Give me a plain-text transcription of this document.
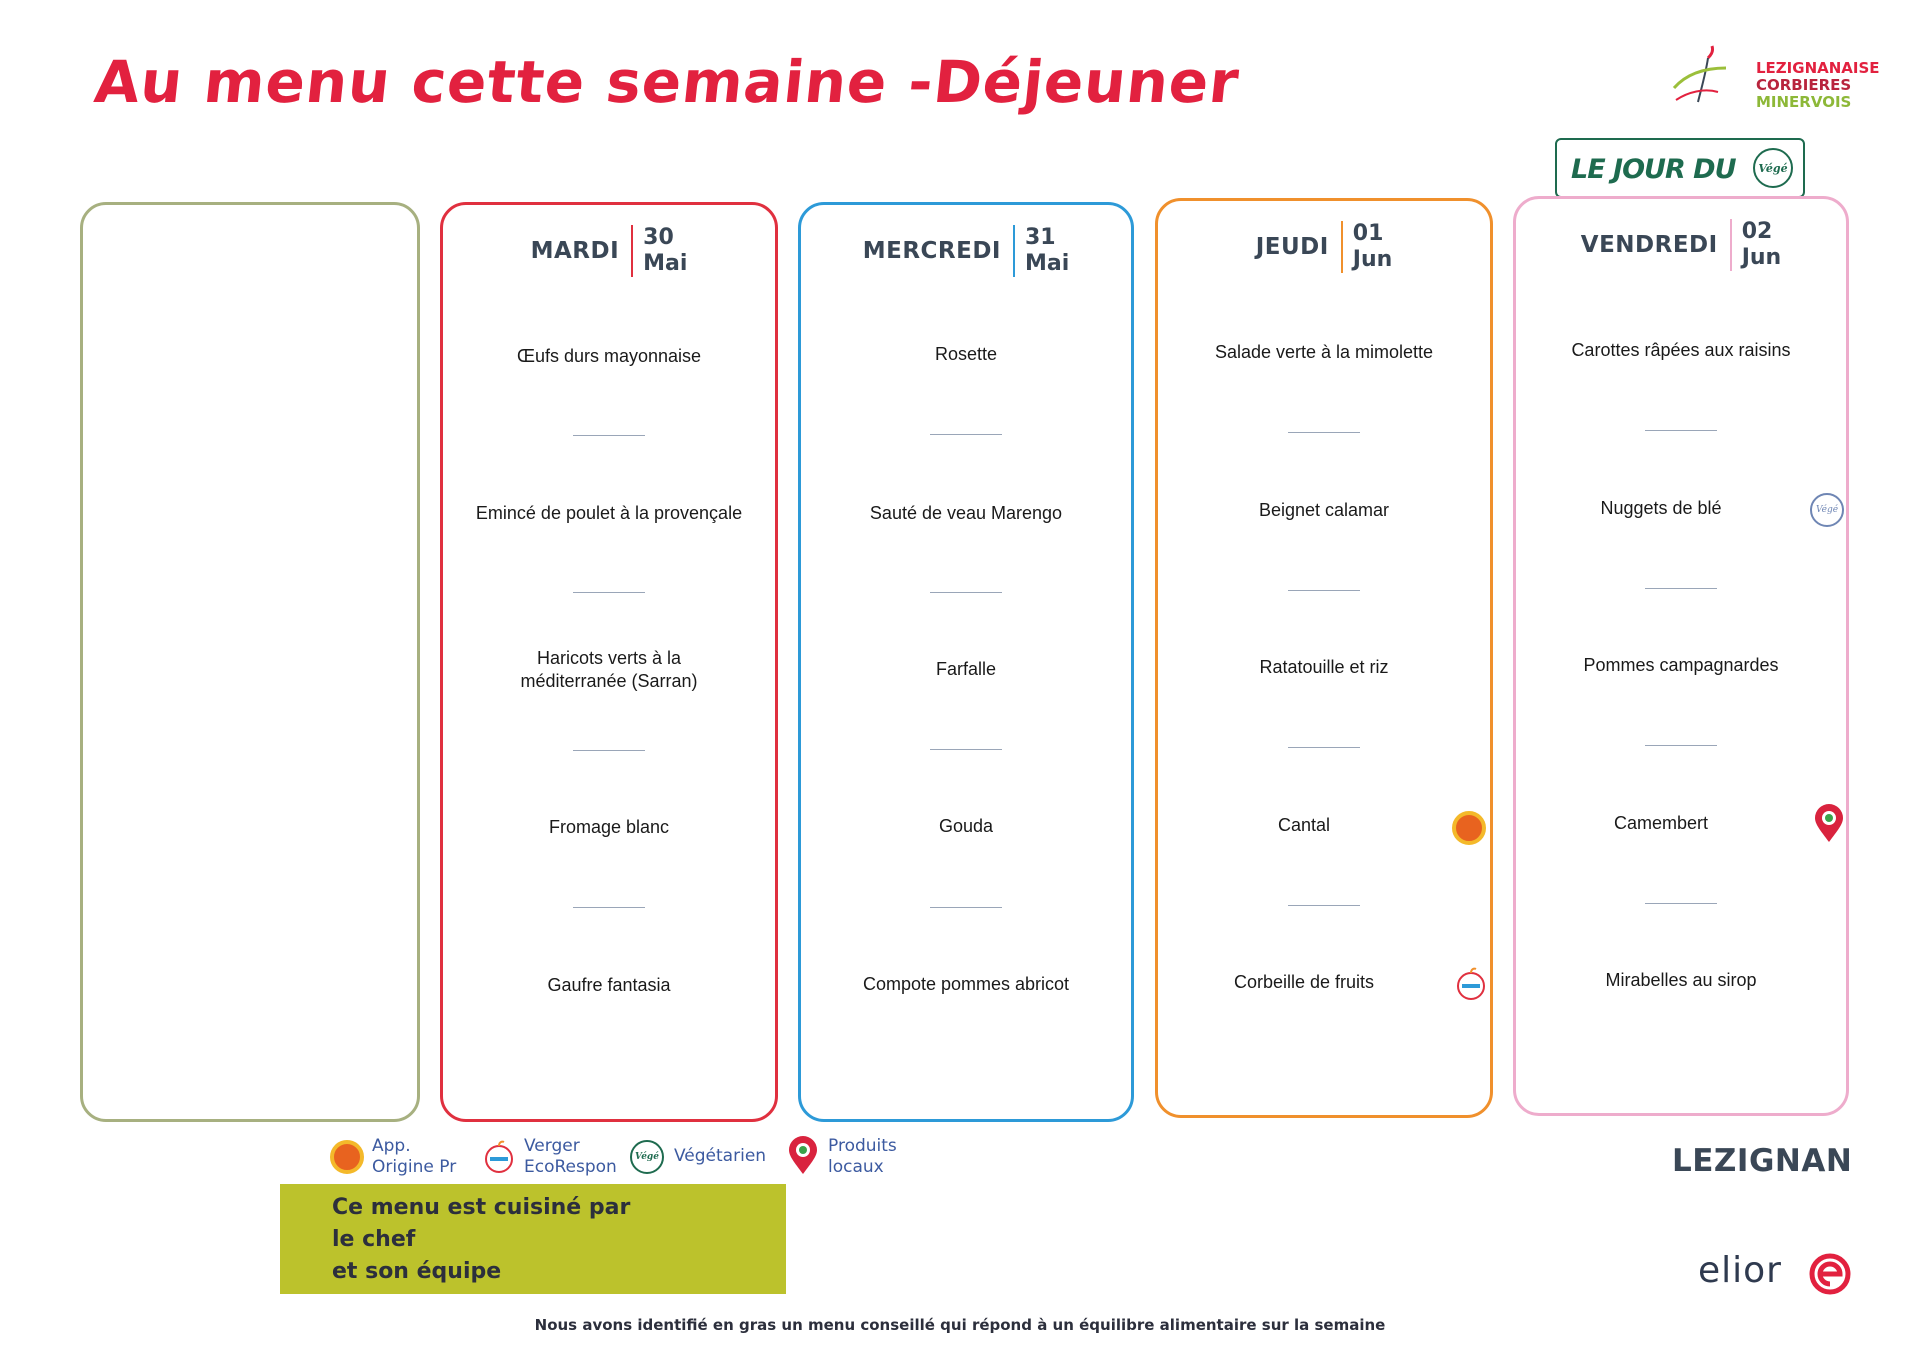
Au menu cette semaine -Déjeuner	LEZIGNANAISE
CORBIERES
MINERVOIS
LE JOUR DU Végé
MARDI
30
Mai
Œufs durs mayonnaise
Emincé de poulet à la provençale
Haricots verts à la méditerranée (Sarran)
Fromage blanc
Gaufre fantasia
MERCREDI
31
Mai
Rosette
Sauté de veau Marengo
Farfalle
Gouda
Compote pommes abricot
JEUDI
01
Jun
Salade verte à la mimolette
Beignet calamar
Ratatouille et riz
Cantal
Corbeille de fruits
VENDREDI
02
Jun
Carottes râpées aux raisins
Nuggets de blé	Végé
Pommes campagnardes
Camembert
Mirabelles au sirop
App.
Origine Pr
Verger
EcoRespon Végé Végétarien	Produits
locaux
Ce menu est cuisiné par
le chef
et son équipe
LEZIGNAN
elior
Nous avons identifié en gras un menu conseillé qui répond à un équilibre alimentaire sur la semaine
